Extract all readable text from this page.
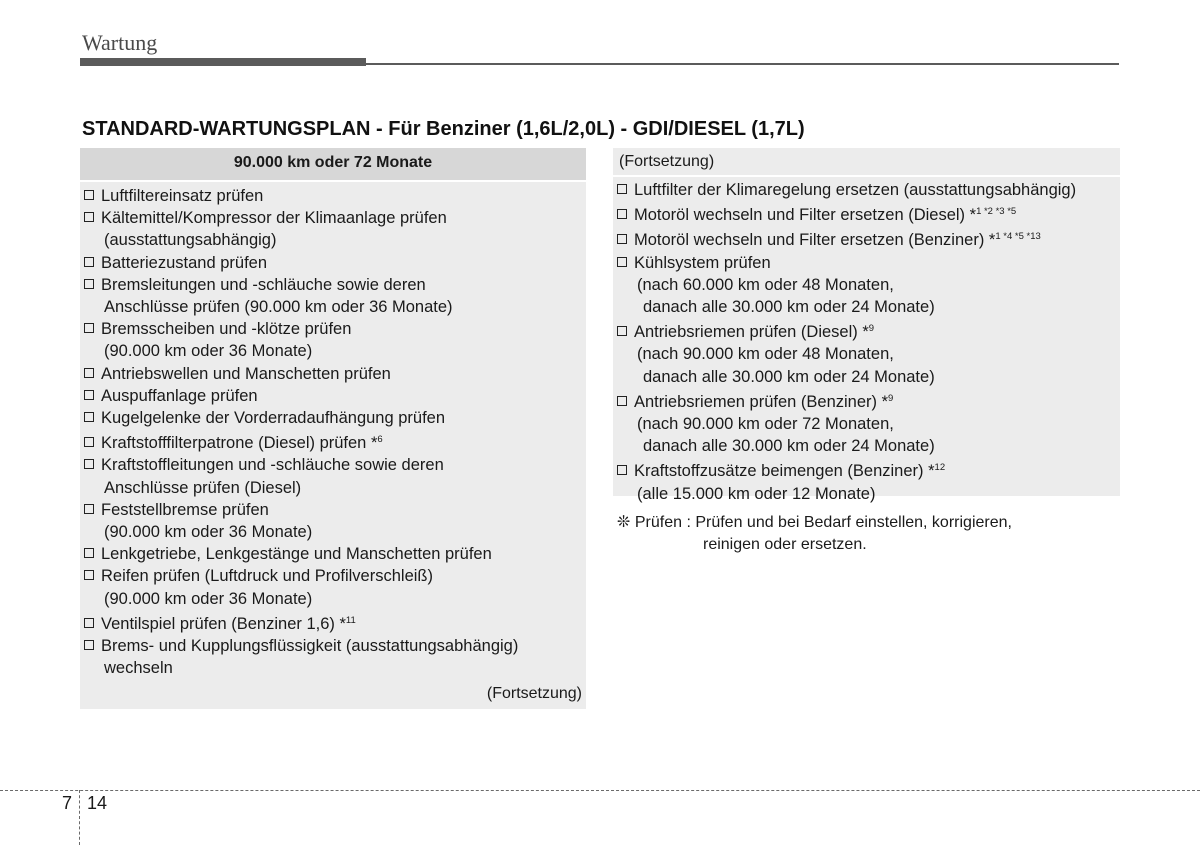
Wartung
STANDARD-WARTUNGSPLAN - Für Benziner (1,6L/2,0L) - GDI/DIESEL (1,7L)
90.000 km oder 72 Monate
Luftfiltereinsatz prüfen
Kältemittel/Kompressor der Klimaanlage prüfen
(ausstattungsabhängig)
Batteriezustand prüfen
Bremsleitungen und -schläuche sowie deren
Anschlüsse prüfen (90.000 km oder 36 Monate)
Bremsscheiben und -klötze prüfen
(90.000 km oder 36 Monate)
Antriebswellen und Manschetten prüfen
Auspuffanlage prüfen
Kugelgelenke der Vorderradaufhängung prüfen
Kraftstofffilterpatrone (Diesel) prüfen *$^6$
Kraftstoffleitungen und -schläuche sowie deren
Anschlüsse prüfen (Diesel)
Feststellbremse prüfen
(90.000 km oder 36 Monate)
Lenkgetriebe, Lenkgestänge und Manschetten prüfen
Reifen prüfen (Luftdruck und Profilverschleiß)
(90.000 km oder 36 Monate)
Ventilspiel prüfen (Benziner 1,6) *$^{11}$
Brems- und Kupplungsflüssigkeit (ausstattungsabhängig)
wechseln
(Fortsetzung)
(Fortsetzung)
Luftfilter der Klimaregelung ersetzen (ausstattungsabhängig)
Motoröl wechseln und Filter ersetzen (Diesel) *$^{1 *2 *3 *5}$
Motoröl wechseln und Filter ersetzen (Benziner) *$^{1 *4 *5 *13}$
Kühlsystem prüfen
(nach 60.000 km oder 48 Monaten,
danach alle 30.000 km oder 24 Monate)
Antriebsriemen prüfen (Diesel) *$^9$
(nach 90.000 km oder 48 Monaten,
danach alle 30.000 km oder 24 Monate)
Antriebsriemen prüfen (Benziner) *$^9$
(nach 90.000 km oder 72 Monaten,
danach alle 30.000 km oder 24 Monate)
Kraftstoffzusätze beimengen (Benziner) *$^{12}$
(alle 15.000 km oder 12 Monate)
❊ Prüfen : Prüfen und bei Bedarf einstellen, korrigieren,
reinigen oder ersetzen.
7 14
